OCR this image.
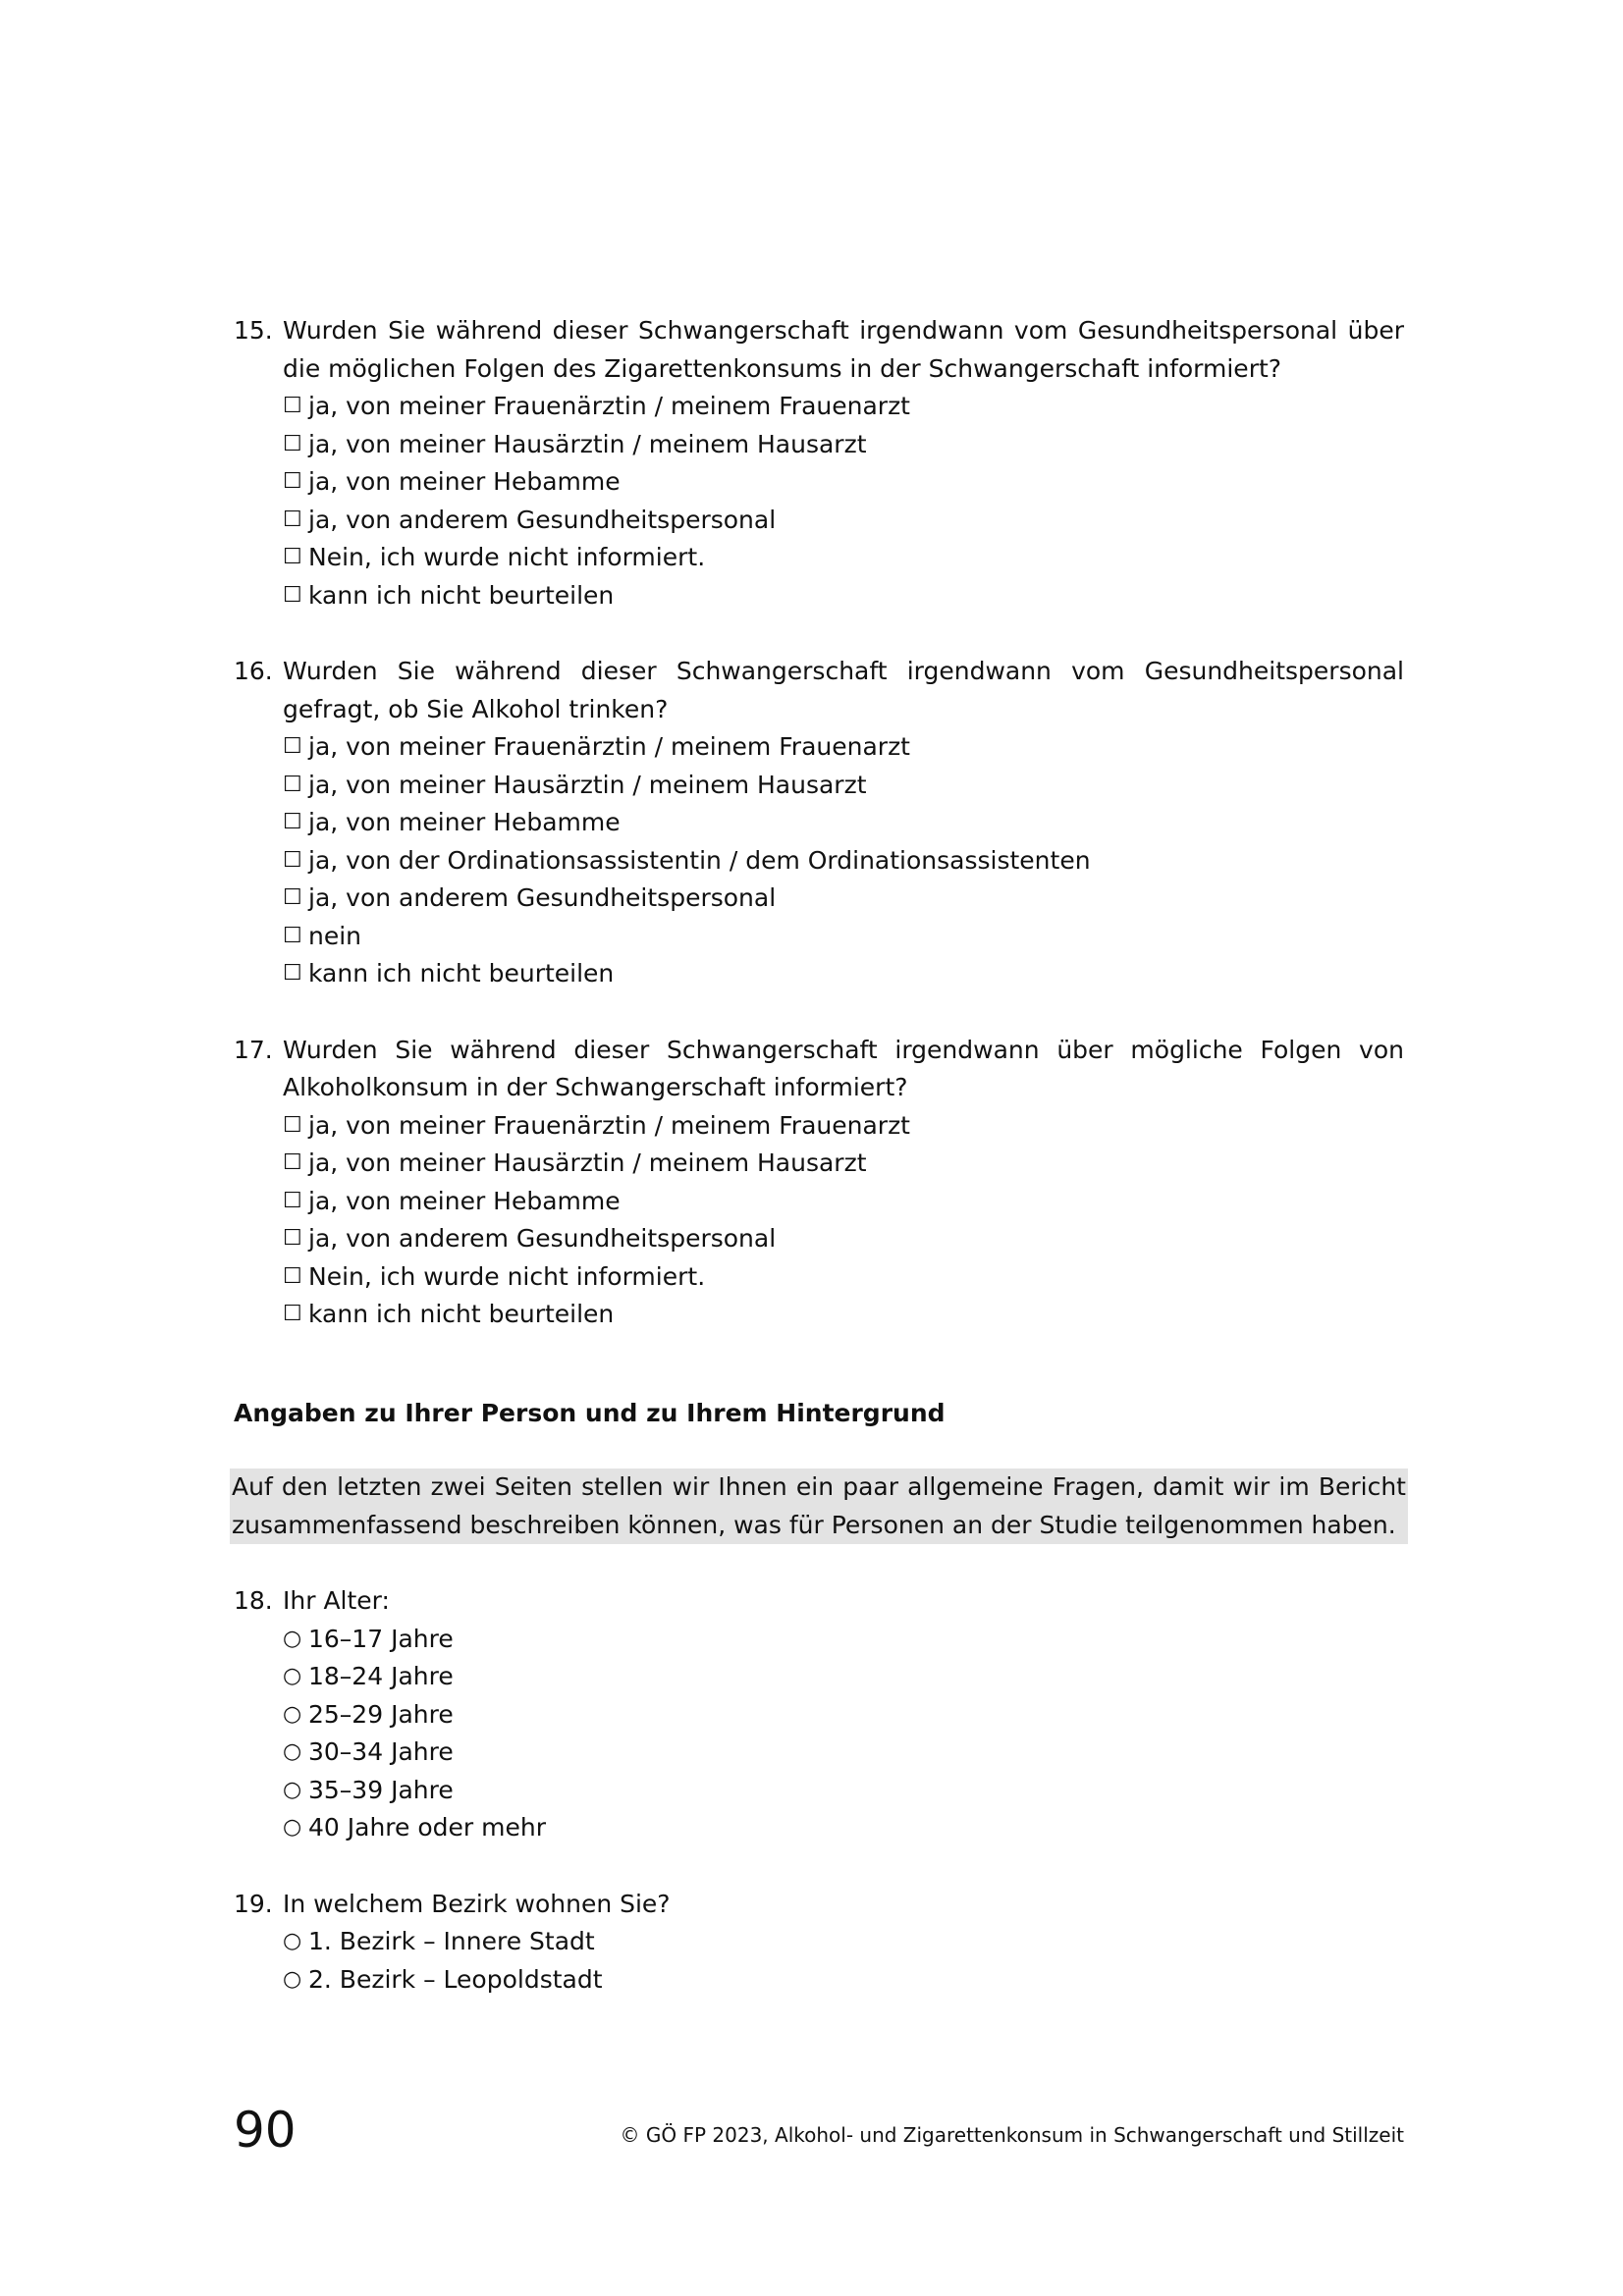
15. Wurden Sie während dieser Schwangerschaft irgendwann vom Gesundheitspersonal über die möglichen Folgen des Zigarettenkonsums in der Schwangerschaft informiert?
☐ ja, von meiner Frauenärztin / meinem Frauenarzt
☐ ja, von meiner Hausärztin / meinem Hausarzt
☐ ja, von meiner Hebamme
☐ ja, von anderem Gesundheitspersonal
☐ Nein, ich wurde nicht informiert.
☐ kann ich nicht beurteilen
16. Wurden Sie während dieser Schwangerschaft irgendwann vom Gesundheitspersonal gefragt, ob Sie Alkohol trinken?
☐ ja, von meiner Frauenärztin / meinem Frauenarzt
☐ ja, von meiner Hausärztin / meinem Hausarzt
☐ ja, von meiner Hebamme
☐ ja, von der Ordinationsassistentin / dem Ordinationsassistenten
☐ ja, von anderem Gesundheitspersonal
☐ nein
☐ kann ich nicht beurteilen
17. Wurden Sie während dieser Schwangerschaft irgendwann über mögliche Folgen von Alkoholkonsum in der Schwangerschaft informiert?
☐ ja, von meiner Frauenärztin / meinem Frauenarzt
☐ ja, von meiner Hausärztin / meinem Hausarzt
☐ ja, von meiner Hebamme
☐ ja, von anderem Gesundheitspersonal
☐ Nein, ich wurde nicht informiert.
☐ kann ich nicht beurteilen
Angaben zu Ihrer Person und zu Ihrem Hintergrund
Auf den letzten zwei Seiten stellen wir Ihnen ein paar allgemeine Fragen, damit wir im Bericht zusammenfassend beschreiben können, was für Personen an der Studie teilgenommen haben.
18. Ihr Alter:
○ 16–17 Jahre
○ 18–24 Jahre
○ 25–29 Jahre
○ 30–34 Jahre
○ 35–39 Jahre
○ 40 Jahre oder mehr
19. In welchem Bezirk wohnen Sie?
○ 1. Bezirk – Innere Stadt
○ 2. Bezirk – Leopoldstadt
90	© GÖ FP 2023, Alkohol- und Zigarettenkonsum in Schwangerschaft und Stillzeit
